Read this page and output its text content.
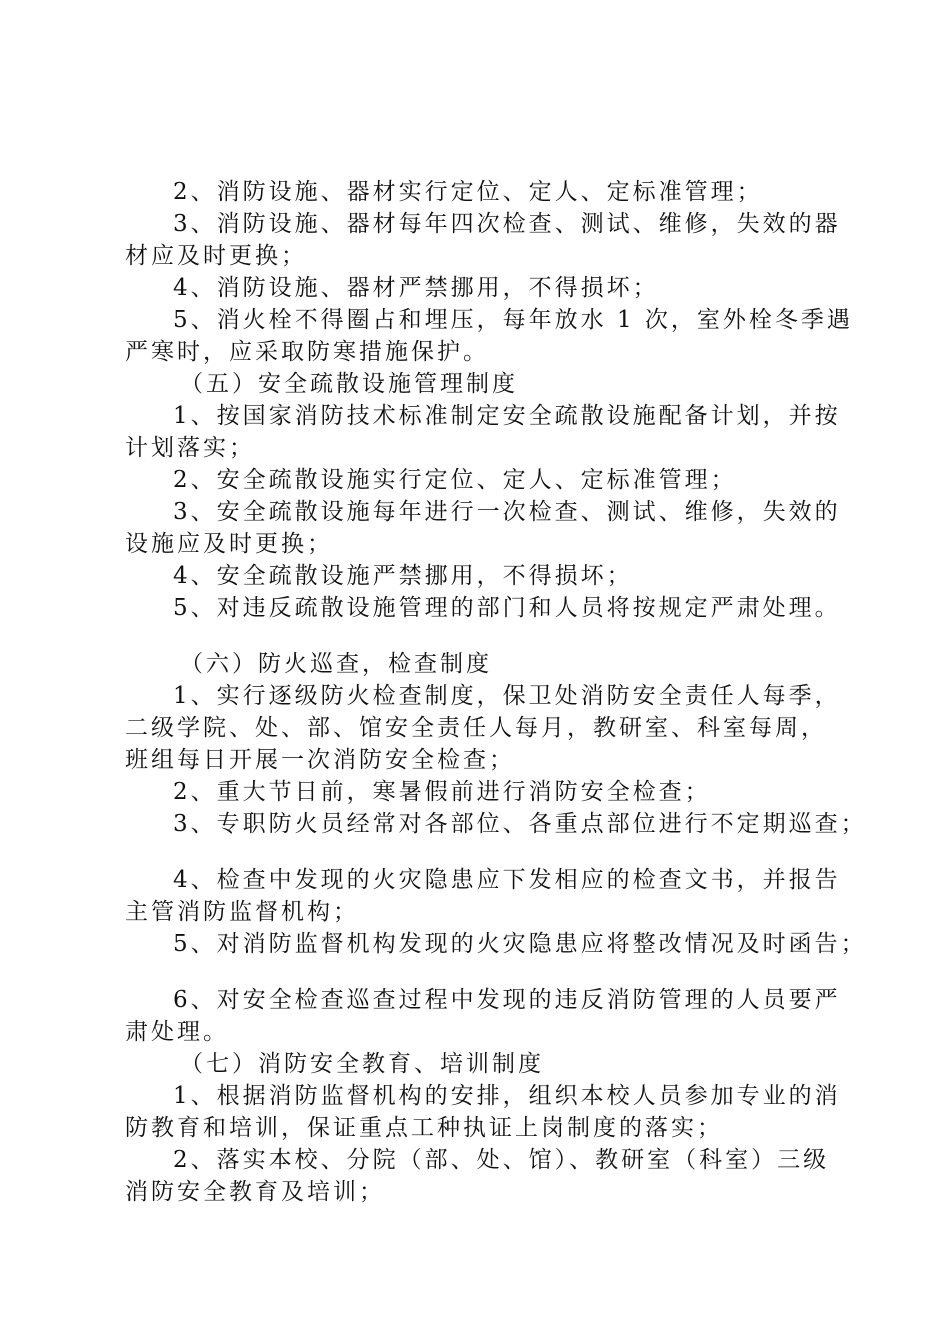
2、消防设施、器材实行定位、定人、定标准管理；
3、消防设施、器材每年四次检查、测试、维修，失效的器
材应及时更换；
4、消防设施、器材严禁挪用，不得损坏；
5、消火栓不得圈占和埋压，每年放水 1 次，室外栓冬季遇
严寒时，应采取防寒措施保护。
（五）安全疏散设施管理制度
1、按国家消防技术标准制定安全疏散设施配备计划，并按
计划落实；
2、安全疏散设施实行定位、定人、定标准管理；
3、安全疏散设施每年进行一次检查、测试、维修，失效的
设施应及时更换；
4、安全疏散设施严禁挪用，不得损坏；
5、对违反疏散设施管理的部门和人员将按规定严肃处理。
（六）防火巡查，检查制度
1、实行逐级防火检查制度，保卫处消防安全责任人每季，
二级学院、处、部、馆安全责任人每月，教研室、科室每周，
班组每日开展一次消防安全检查；
2、重大节日前，寒暑假前进行消防安全检查；
3、专职防火员经常对各部位、各重点部位进行不定期巡查；
4、检查中发现的火灾隐患应下发相应的检查文书，并报告
主管消防监督机构；
5、对消防监督机构发现的火灾隐患应将整改情况及时函告；
6、对安全检查巡查过程中发现的违反消防管理的人员要严
肃处理。
（七）消防安全教育、培训制度
1、根据消防监督机构的安排，组织本校人员参加专业的消
防教育和培训，保证重点工种执证上岗制度的落实；
2、落实本校、分院（部、处、馆）、教研室（科室）三级
消防安全教育及培训；
